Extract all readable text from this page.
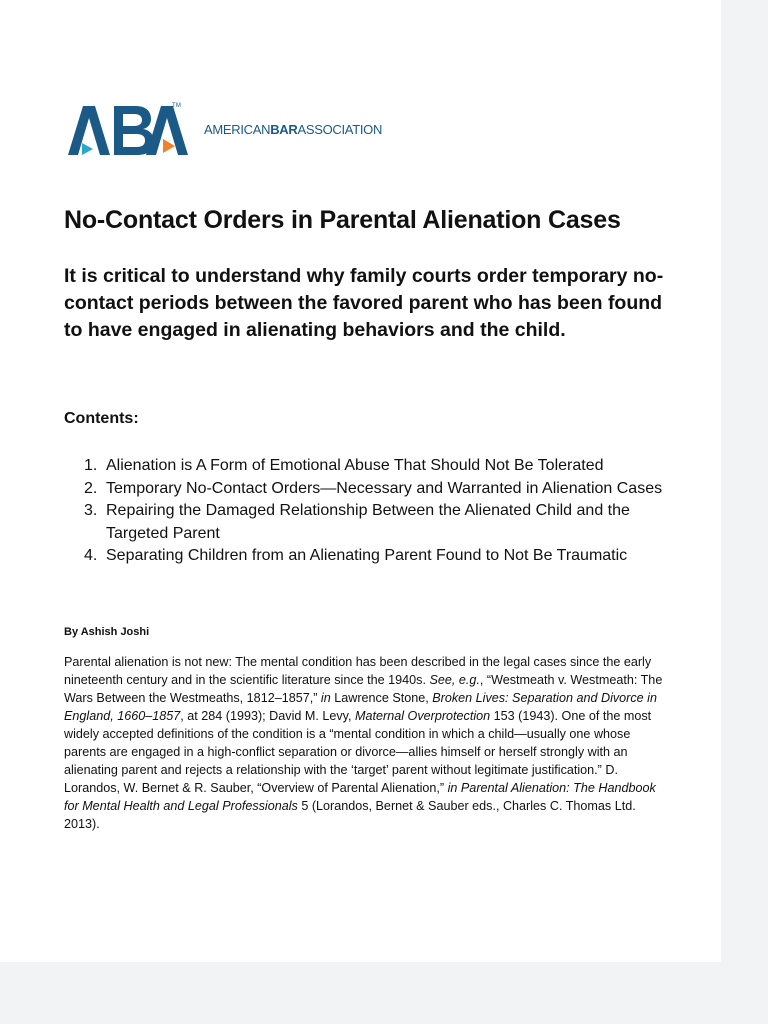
TM
AMERICANBARASSOCIATION
No-Contact Orders in Parental Alienation Cases

It is critical to understand why family courts order temporary no-contact periods between the favored parent who has been found to have engaged in alienating behaviors and the child.

Contents:
1. Alienation is A Form of Emotional Abuse That Should Not Be Tolerated
2. Temporary No-Contact Orders—Necessary and Warranted in Alienation Cases
3. Repairing the Damaged Relationship Between the Alienated Child and the Targeted Parent
4. Separating Children from an Alienating Parent Found to Not Be Traumatic

By Ashish Joshi

Parental alienation is not new: The mental condition has been described in the legal cases since the early nineteenth century and in the scientific literature since the 1940s. See, e.g., “Westmeath v. Westmeath: The Wars Between the Westmeaths, 1812–1857,” in Lawrence Stone, Broken Lives: Separation and Divorce in England, 1660–1857, at 284 (1993); David M. Levy, Maternal Overprotection 153 (1943). One of the most widely accepted definitions of the condition is a “mental condition in which a child—usually one whose parents are engaged in a high-conflict separation or divorce—allies himself or herself strongly with an alienating parent and rejects a relationship with the ‘target’ parent without legitimate justification.” D. Lorandos, W. Bernet & R. Sauber, “Overview of Parental Alienation,” in Parental Alienation: The Handbook for Mental Health and Legal Professionals 5 (Lorandos, Bernet & Sauber eds., Charles C. Thomas Ltd. 2013).
